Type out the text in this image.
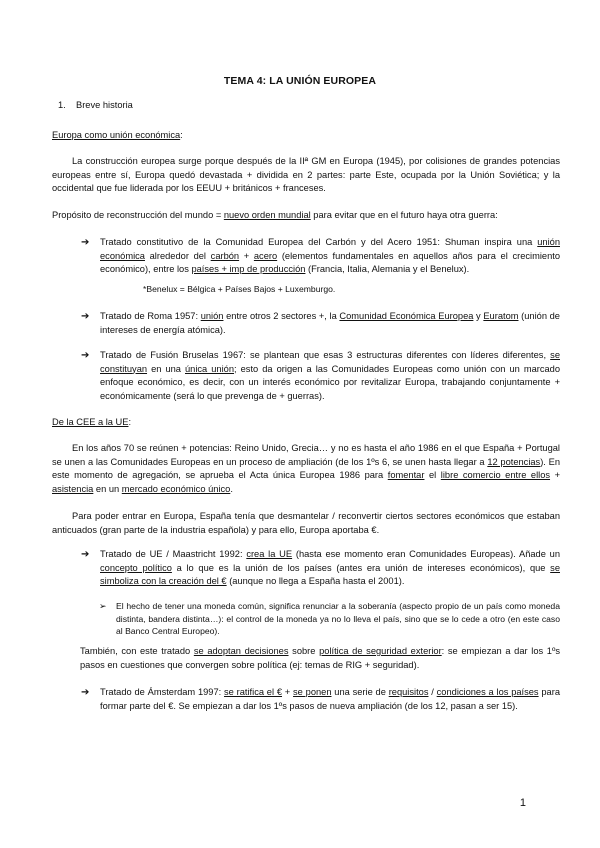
TEMA 4: LA UNIÓN EUROPEA
1. Breve historia
Europa como unión económica:
La construcción europea surge porque después de la IIª GM en Europa (1945), por colisiones de grandes potencias europeas entre sí, Europa quedó devastada + dividida en 2 partes: parte Este, ocupada por la Unión Soviética; y la occidental que fue liderada por los EEUU + británicos + franceses.
Propósito de reconstrucción del mundo = nuevo orden mundial para evitar que en el futuro haya otra guerra:
➔ Tratado constitutivo de la Comunidad Europea del Carbón y del Acero 1951: Shuman inspira una unión económica alrededor del carbón + acero (elementos fundamentales en aquellos años para el crecimiento económico), entre los países + imp de producción (Francia, Italia, Alemania y el Benelux).
*Benelux = Bélgica + Países Bajos + Luxemburgo.
➔ Tratado de Roma 1957: unión entre otros 2 sectores +, la Comunidad Económica Europea y Euratom (unión de intereses de energía atómica).
➔ Tratado de Fusión Bruselas 1967: se plantean que esas 3 estructuras diferentes con líderes diferentes, se constituyan en una única unión; esto da origen a las Comunidades Europeas como unión con un marcado enfoque económico, es decir, con un interés económico por revitalizar Europa, trabajando conjuntamente + económicamente (será lo que prevenga de + guerras).
De la CEE a la UE:
En los años 70 se reúnen + potencias: Reino Unido, Grecia… y no es hasta el año 1986 en el que España + Portugal se unen a las Comunidades Europeas en un proceso de ampliación (de los 1ºs 6, se unen hasta llegar a 12 potencias). En este momento de agregación, se aprueba el Acta única Europea 1986 para fomentar el libre comercio entre ellos + asistencia en un mercado económico único.
Para poder entrar en Europa, España tenía que desmantelar / reconvertir ciertos sectores económicos que estaban anticuados (gran parte de la industria española) y para ello, Europa aportaba €.
➔ Tratado de UE / Maastricht 1992: crea la UE (hasta ese momento eran Comunidades Europeas). Añade un concepto político a lo que es la unión de los países (antes era unión de intereses económicos), que se simboliza con la creación del € (aunque no llega a España hasta el 2001).
➢ El hecho de tener una moneda común, significa renunciar a la soberanía (aspecto propio de un país como moneda distinta, bandera distinta…): el control de la moneda ya no lo lleva el país, sino que se lo cede a otro (en este caso al Banco Central Europeo).
También, con este tratado se adoptan decisiones sobre política de seguridad exterior: se empiezan a dar los 1ºs pasos en cuestiones que convergen sobre política (ej: temas de RIG + seguridad).
➔ Tratado de Ámsterdam 1997: se ratifica el € + se ponen una serie de requisitos / condiciones a los países para formar parte del €. Se empiezan a dar los 1ºs pasos de nueva ampliación (de los 12, pasan a ser 15).
1
